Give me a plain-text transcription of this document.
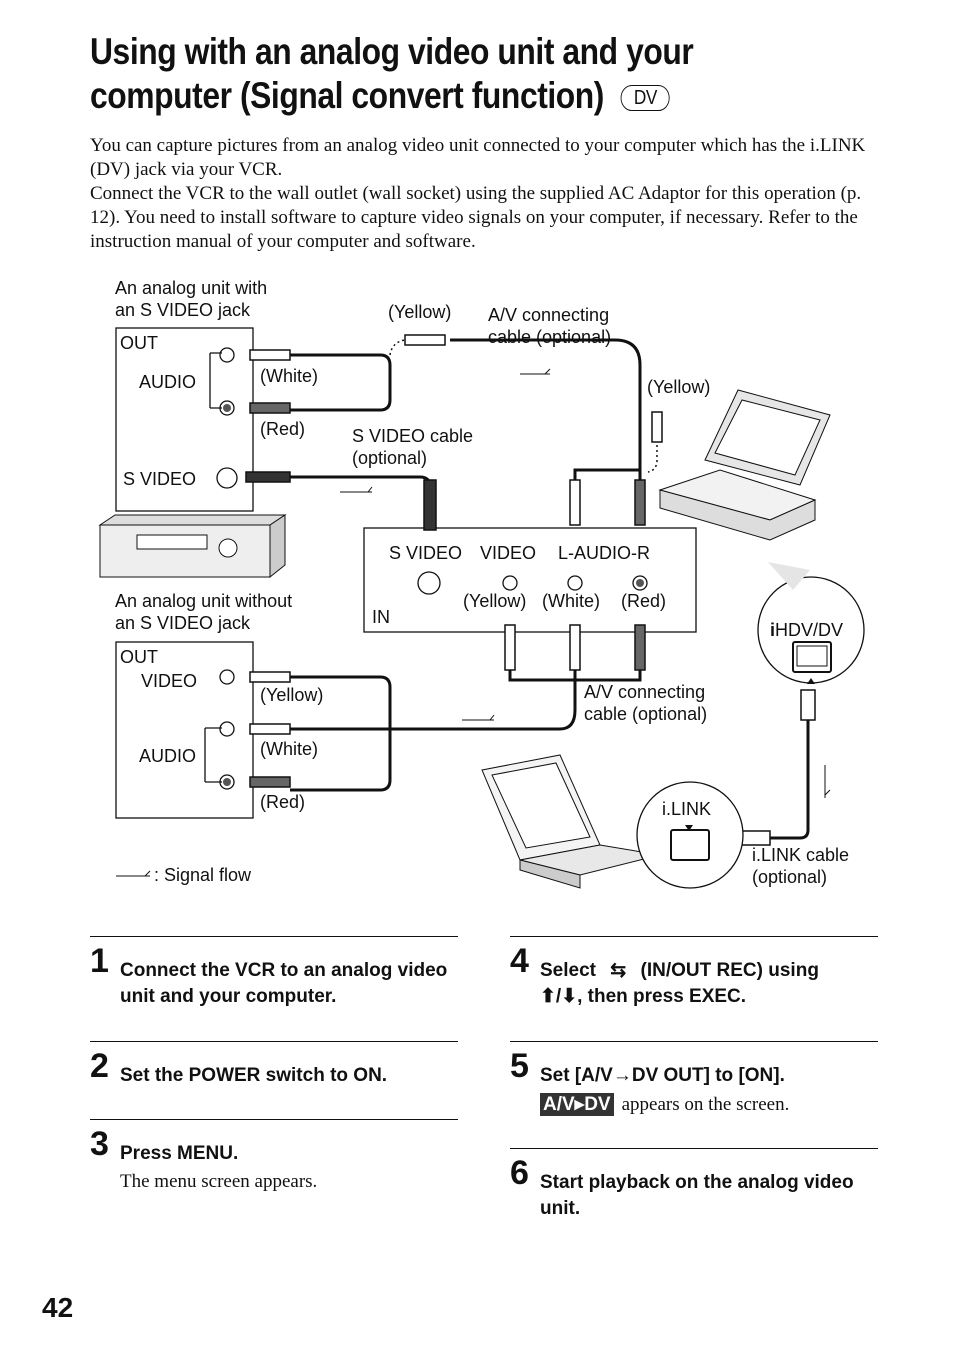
Using with an analog video unit and your
computer (Signal convert function) DV

You can capture pictures from an analog video unit connected to your computer which has the i.LINK (DV) jack via your VCR.

Connect the VCR to the wall outlet (wall socket) using the supplied AC Adaptor for this operation (p. 12). You need to install software to capture video signals on your computer, if necessary. Refer to the instruction manual of your computer and software.

An analog unit with
an S VIDEO jack
OUT
AUDIO
S VIDEO
(Yellow) A/V connecting
cable (optional)
(White)
(Red)	S VIDEO cable
(optional)
(Yellow)
S VIDEO VIDEO L-AUDIO-R
(Yellow) (White) (Red)
IN
An analog unit without
an S VIDEO jack
OUT
VIDEO
AUDIO
(Yellow)
(White)
(Red)
A/V connecting
cable (optional)
iHDV/DV
i.LINK
i.LINK cable
(optional)
: Signal flow
1 Connect the VCR to an analog video unit and your computer.
2 Set the POWER switch to ON.
3 Press MENU.
The menu screen appears.
4 Select ⇆ (IN/OUT REC) using
⬆/⬇, then press EXEC.
5 Set [A/V→DV OUT] to [ON].
A/V▸DV appears on the screen.
6 Start playback on the analog video unit.
42
